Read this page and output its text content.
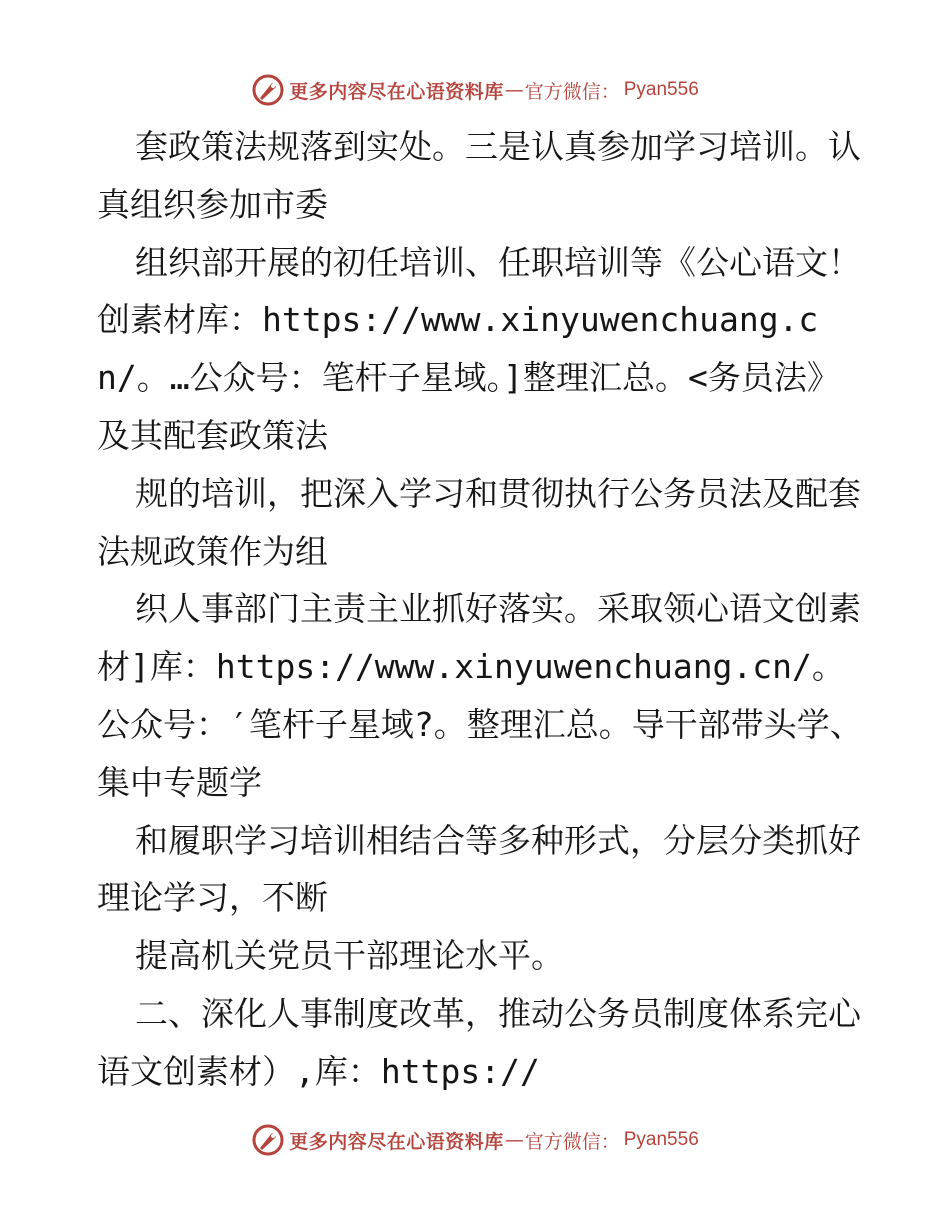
更多内容尽在心语资料库 — 官方微信： Pyan556

套政策法规落到实处。三是认真参加学习培训。认真组织参加市委

组织部开展的初任培训、任职培训等《公心语文！创素材库：https://www.xinyuwenchuang.cn/。…公众号：笔杆子星域。]整理汇总。<务员法》及其配套政策法

规的培训，把深入学习和贯彻执行公务员法及配套法规政策作为组

织人事部门主责主业抓好落实。采取领心语文创素材]库：https://www.xinyuwenchuang.cn/。公众号：′笔杆子星域?。整理汇总。导干部带头学、集中专题学

和履职学习培训相结合等多种形式，分层分类抓好理论学习，不断

提高机关党员干部理论水平。

二、深化人事制度改革，推动公务员制度体系完心语文创素材）,库：https://

更多内容尽在心语资料库 — 官方微信： Pyan556
